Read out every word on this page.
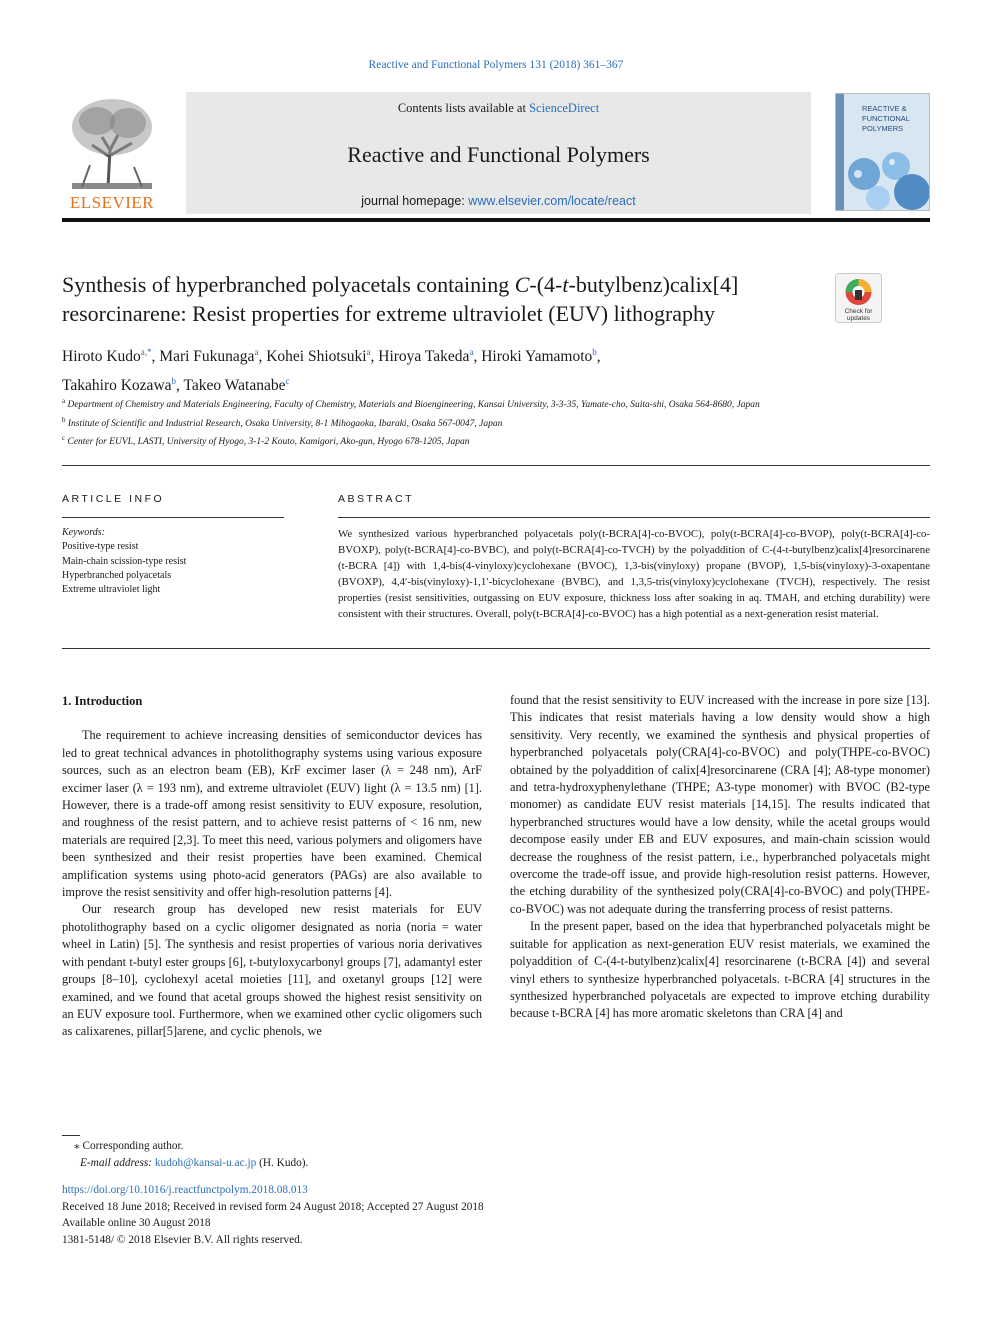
Reactive and Functional Polymers 131 (2018) 361–367
ELSEVIER
Contents lists available at ScienceDirect
Reactive and Functional Polymers
journal homepage: www.elsevier.com/locate/react
REACTIVE &
FUNCTIONAL
POLYMERS
Synthesis of hyperbranched polyacetals containing C-(4-t-butylbenz)calix[4] resorcinarene: Resist properties for extreme ultraviolet (EUV) lithography	Check for updates
Hiroto Kudo$^{a,*}$, Mari Fukunaga$^a$, Kohei Shiotsuki$^a$, Hiroya Takeda$^a$, Hiroki Yamamoto$^b$,
Takahiro Kozawa$^b$, Takeo Watanabe$^c$
$^a$ Department of Chemistry and Materials Engineering, Faculty of Chemistry, Materials and Bioengineering, Kansai University, 3-3-35, Yamate-cho, Suita-shi, Osaka 564-8680, Japan
$^b$ Institute of Scientific and Industrial Research, Osaka University, 8-1 Mihogaoka, Ibaraki, Osaka 567-0047, Japan
$^c$ Center for EUVL, LASTI, University of Hyogo, 3-1-2 Kouto, Kamigori, Ako-gun, Hyogo 678-1205, Japan
ARTICLE INFO	ABSTRACT
Keywords:
Positive-type resist
Main-chain scission-type resist
Hyperbranched polyacetals
Extreme ultraviolet light
We synthesized various hyperbranched polyacetals poly(t-BCRA[4]-co-BVOC), poly(t-BCRA[4]-co-BVOP), poly(t-BCRA[4]-co-BVOXP), poly(t-BCRA[4]-co-BVBC), and poly(t-BCRA[4]-co-TVCH) by the polyaddition of C-(4-t-butylbenz)calix[4]resorcinarene (t-BCRA [4]) with 1,4-bis(4-vinyloxy)cyclohexane (BVOC), 1,3-bis(vinyloxy) propane (BVOP), 1,5-bis(vinyloxy)-3-oxapentane (BVOXP), 4,4′-bis(vinyloxy)-1,1′-bicyclohexane (BVBC), and 1,3,5-tris(vinyloxy)cyclohexane (TVCH), respectively. The resist properties (resist sensitivities, outgassing on EUV exposure, thickness loss after soaking in aq. TMAH, and etching durability) were consistent with their structures. Overall, poly(t-BCRA[4]-co-BVOC) has a high potential as a next-generation resist material.
1. Introduction

The requirement to achieve increasing densities of semiconductor devices has led to great technical advances in photolithography systems using various exposure sources, such as an electron beam (EB), KrF excimer laser (λ = 248 nm), ArF excimer laser (λ = 193 nm), and extreme ultraviolet (EUV) light (λ = 13.5 nm) [1]. However, there is a trade-off among resist sensitivity to EUV exposure, resolution, and roughness of the resist pattern, and to achieve resist patterns of < 16 nm, new materials are required [2,3]. To meet this need, various polymers and oligomers have been synthesized and their resist properties have been examined. Chemical amplification systems using photo-acid generators (PAGs) are also available to improve the resist sensitivity and offer high-resolution patterns [4].

Our research group has developed new resist materials for EUV photolithography based on a cyclic oligomer designated as noria (noria = water wheel in Latin) [5]. The synthesis and resist properties of various noria derivatives with pendant t-butyl ester groups [6], t-butyloxycarbonyl groups [7], adamantyl ester groups [8–10], cyclohexyl acetal moieties [11], and oxetanyl groups [12] were examined, and we found that acetal groups showed the highest resist sensitivity on an EUV exposure tool. Furthermore, when we examined other cyclic oligomers such as calixarenes, pillar[5]arene, and cyclic phenols, we

found that the resist sensitivity to EUV increased with the increase in pore size [13]. This indicates that resist materials having a low density would show a high sensitivity. Very recently, we examined the synthesis and physical properties of hyperbranched polyacetals poly(CRA[4]-co-BVOC) and poly(THPE-co-BVOC) obtained by the polyaddition of calix[4]resorcinarene (CRA [4]; A8-type monomer) and tetra-hydroxyphenylethane (THPE; A3-type monomer) with BVOC (B2-type monomer) as candidate EUV resist materials [14,15]. The results indicated that hyperbranched structures would have a low density, while the acetal groups would decompose easily under EB and EUV exposures, and main-chain scission would decrease the roughness of the resist pattern, i.e., hyperbranched polyacetals might overcome the trade-off issue, and provide high-resolution resist patterns. However, the etching durability of the synthesized poly(CRA[4]-co-BVOC) and poly(THPE-co-BVOC) was not adequate during the transferring process of resist patterns.

In the present paper, based on the idea that hyperbranched polyacetals might be suitable for application as next-generation EUV resist materials, we examined the polyaddition of C-(4-t-butylbenz)calix[4] resorcinarene (t-BCRA [4]) and several vinyl ethers to synthesize hyperbranched polyacetals. t-BCRA [4] structures in the synthesized hyperbranched polyacetals are expected to improve etching durability because t-BCRA [4] has more aromatic skeletons than CRA [4] and

⁎ Corresponding author.
E-mail address: kudoh@kansai-u.ac.jp (H. Kudo).
https://doi.org/10.1016/j.reactfunctpolym.2018.08.013
Received 18 June 2018; Received in revised form 24 August 2018; Accepted 27 August 2018
Available online 30 August 2018
1381-5148/ © 2018 Elsevier B.V. All rights reserved.
